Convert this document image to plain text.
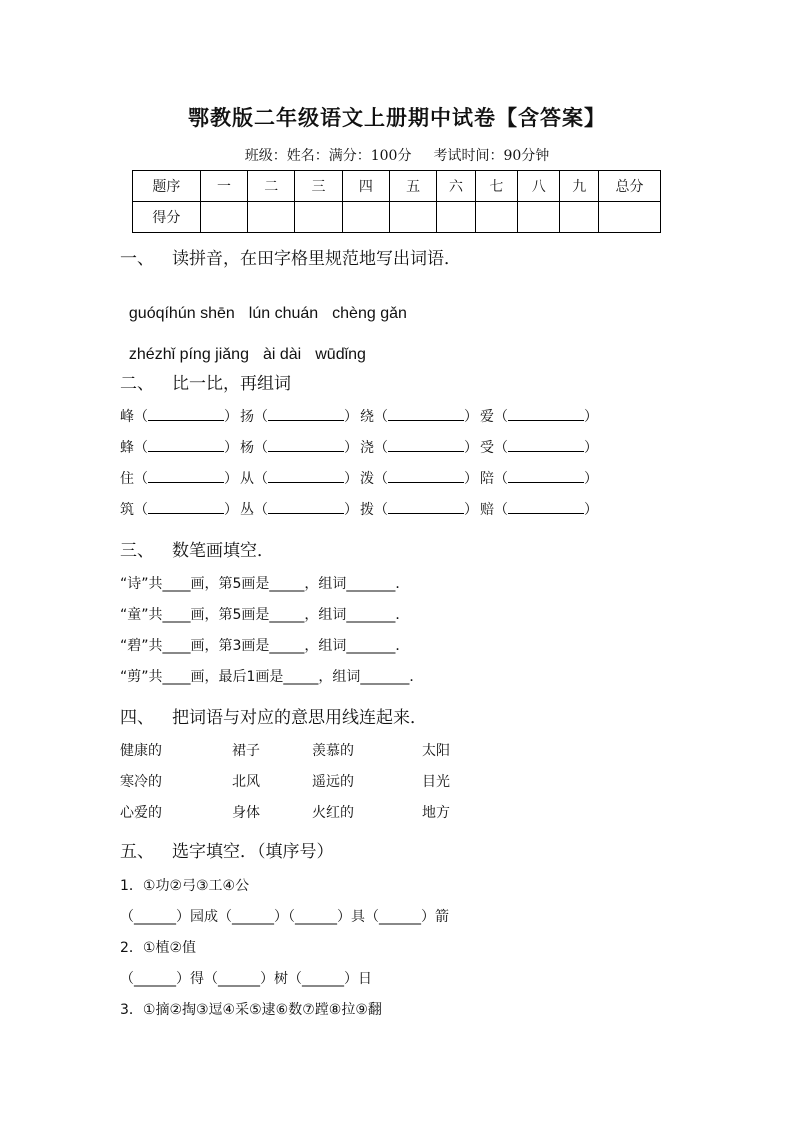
鄂教版二年级语文上册期中试卷【含答案】
班级：姓名：满分：100分 考试时间：90分钟
题序	一	二	三	四	五	六	七	八	九	总分
得分										
一、 读拼音，在田字格里规范地写出词语．

guóqíhún shēn lún chuán chèng gǎn

zhézhǐ píng jiǎng ài dài wūdǐng

二、 比一比，再组词
峰（	） 扬（	） 绕（	） 爱（	）
蜂（	） 杨（	） 浇（	） 受（	）
住（	） 从（	） 泼（	） 陪（	）
筑（	） 丛（	） 拨（	） 赔（	）
三、 数笔画填空．
“诗”共____画，第5画是_____，组词_______．
“童”共____画，第5画是_____，组词_______．
“碧”共____画，第3画是_____，组词_______．
“剪”共____画，最后1画是_____，组词_______．
四、 把词语与对应的意思用线连起来．
健康的	裙子	羡慕的	太阳
寒冷的	北风	遥远的	目光
心爱的	身体	火红的	地方
五、 选字填空．（填序号）
1．①功②弓③工④公
（______）园成（______）（______）具（______）箭
2．①植②值
（______）得（______）树（______）日
3．①摘②掏③逗④采⑤逮⑥数⑦蹚⑧拉⑨翻
